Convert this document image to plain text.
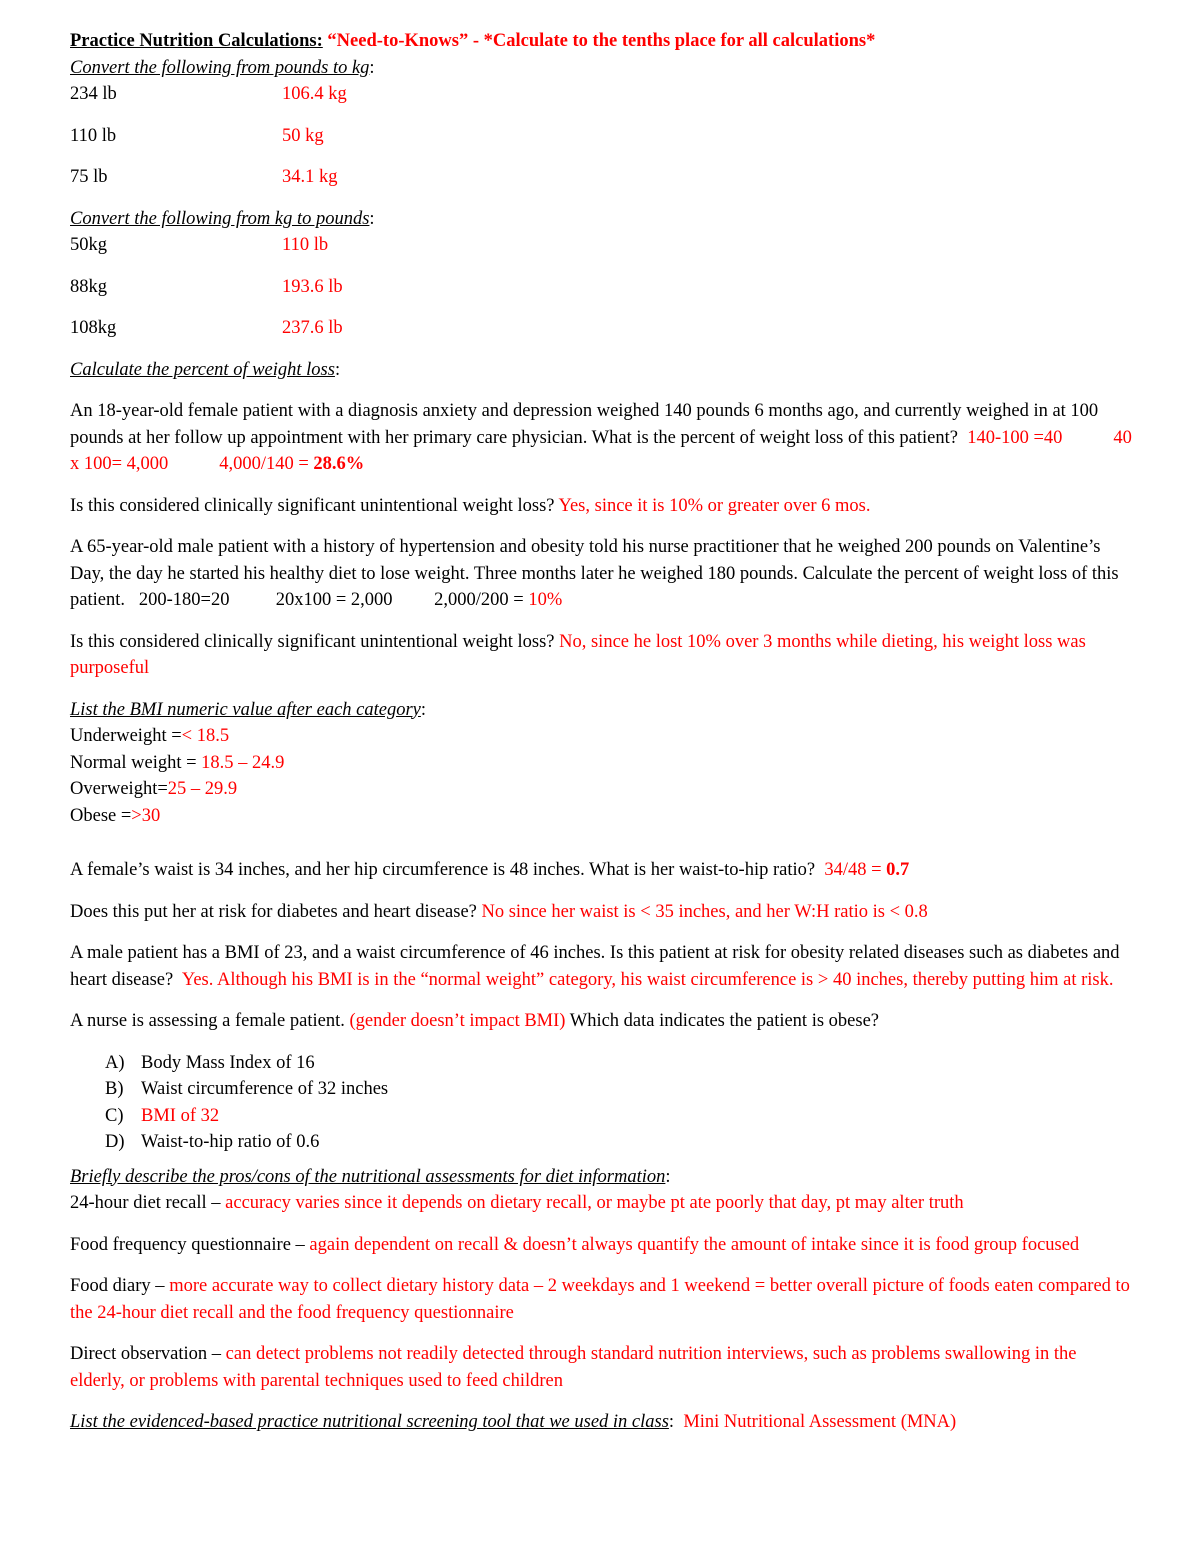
Practice Nutrition Calculations: “Need-to-Knows” - *Calculate to the tenths place for all calculations*

Convert the following from pounds to kg:

234 lb	106.4 kg
110 lb	50 kg
75 lb	34.1 kg

Convert the following from kg to pounds:

50kg	110 lb
88kg	193.6 lb
108kg	237.6 lb

Calculate the percent of weight loss:

An 18-year-old female patient with a diagnosis anxiety and depression weighed 140 pounds 6 months ago, and currently weighed in at 100 pounds at her follow up appointment with her primary care physician. What is the percent of weight loss of this patient? 140-100 =40	40 x 100= 4,000	4,000/140 = 28.6%

Is this considered clinically significant unintentional weight loss? Yes, since it is 10% or greater over 6 mos.

A 65-year-old male patient with a history of hypertension and obesity told his nurse practitioner that he weighed 200 pounds on Valentine’s Day, the day he started his healthy diet to lose weight. Three months later he weighed 180 pounds. Calculate the percent of weight loss of this patient. 200-180=20	20x100 = 2,000 2,000/200 = 10%

Is this considered clinically significant unintentional weight loss? No, since he lost 10% over 3 months while dieting, his weight loss was purposeful

List the BMI numeric value after each category:

Underweight =< 18.5
Normal weight = 18.5 – 24.9
Overweight=25 – 29.9
Obese =>30

A female’s waist is 34 inches, and her hip circumference is 48 inches. What is her waist-to-hip ratio? 34/48 = 0.7

Does this put her at risk for diabetes and heart disease? No since her waist is < 35 inches, and her W:H ratio is < 0.8

A male patient has a BMI of 23, and a waist circumference of 46 inches. Is this patient at risk for obesity related diseases such as diabetes and heart disease? Yes. Although his BMI is in the “normal weight” category, his waist circumference is > 40 inches, thereby putting him at risk.

A nurse is assessing a female patient. (gender doesn’t impact BMI) Which data indicates the patient is obese?

A) Body Mass Index of 16
B) Waist circumference of 32 inches
C) BMI of 32
D) Waist-to-hip ratio of 0.6

Briefly describe the pros/cons of the nutritional assessments for diet information:

24-hour diet recall – accuracy varies since it depends on dietary recall, or maybe pt ate poorly that day, pt may alter truth

Food frequency questionnaire – again dependent on recall & doesn’t always quantify the amount of intake since it is food group focused

Food diary – more accurate way to collect dietary history data – 2 weekdays and 1 weekend = better overall picture of foods eaten compared to the 24-hour diet recall and the food frequency questionnaire

Direct observation – can detect problems not readily detected through standard nutrition interviews, such as problems swallowing in the elderly, or problems with parental techniques used to feed children

List the evidenced-based practice nutritional screening tool that we used in class:  Mini Nutritional Assessment (MNA)
